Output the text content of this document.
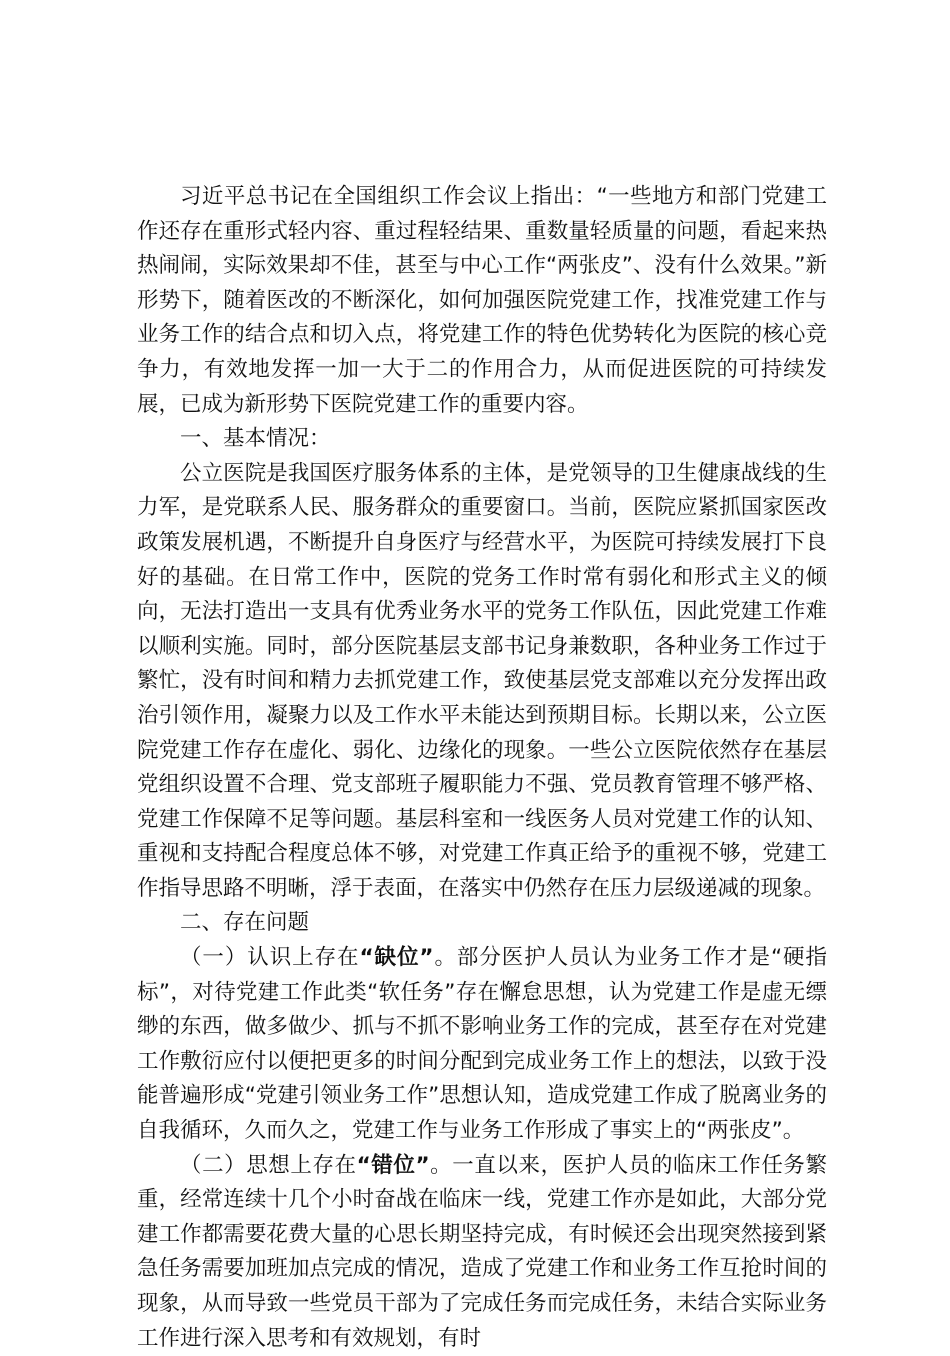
习近平总书记在全国组织工作会议上指出：“一些地方和部门党建工作还存在重形式轻内容、重过程轻结果、重数量轻质量的问题，看起来热热闹闹，实际效果却不佳，甚至与中心工作“两张皮”、没有什么效果。”新形势下，随着医改的不断深化，如何加强医院党建工作，找准党建工作与业务工作的结合点和切入点，将党建工作的特色优势转化为医院的核心竞争力，有效地发挥一加一大于二的作用合力，从而促进医院的可持续发展，已成为新形势下医院党建工作的重要内容。

一、基本情况：

公立医院是我国医疗服务体系的主体，是党领导的卫生健康战线的生力军，是党联系人民、服务群众的重要窗口。当前，医院应紧抓国家医改政策发展机遇，不断提升自身医疗与经营水平，为医院可持续发展打下良好的基础。在日常工作中，医院的党务工作时常有弱化和形式主义的倾向，无法打造出一支具有优秀业务水平的党务工作队伍，因此党建工作难以顺利实施。同时，部分医院基层支部书记身兼数职，各种业务工作过于繁忙，没有时间和精力去抓党建工作，致使基层党支部难以充分发挥出政治引领作用，凝聚力以及工作水平未能达到预期目标。长期以来，公立医院党建工作存在虚化、弱化、边缘化的现象。一些公立医院依然存在基层党组织设置不合理、党支部班子履职能力不强、党员教育管理不够严格、党建工作保障不足等问题。基层科室和一线医务人员对党建工作的认知、重视和支持配合程度总体不够，对党建工作真正给予的重视不够，党建工作指导思路不明晰，浮于表面，在落实中仍然存在压力层级递减的现象。

二、存在问题

（一）认识上存在“缺位”。部分医护人员认为业务工作才是“硬指标”，对待党建工作此类“软任务”存在懈怠思想，认为党建工作是虚无缥缈的东西，做多做少、抓与不抓不影响业务工作的完成，甚至存在对党建工作敷衍应付以便把更多的时间分配到完成业务工作上的想法，以致于没能普遍形成“党建引领业务工作”思想认知，造成党建工作成了脱离业务的自我循环，久而久之，党建工作与业务工作形成了事实上的“两张皮”。

（二）思想上存在“错位”。一直以来，医护人员的临床工作任务繁重，经常连续十几个小时奋战在临床一线，党建工作亦是如此，大部分党建工作都需要花费大量的心思长期坚持完成，有时候还会出现突然接到紧急任务需要加班加点完成的情况，造成了党建工作和业务工作互抢时间的现象，从而导致一些党员干部为了完成任务而完成任务，未结合实际业务工作进行深入思考和有效规划，有时
